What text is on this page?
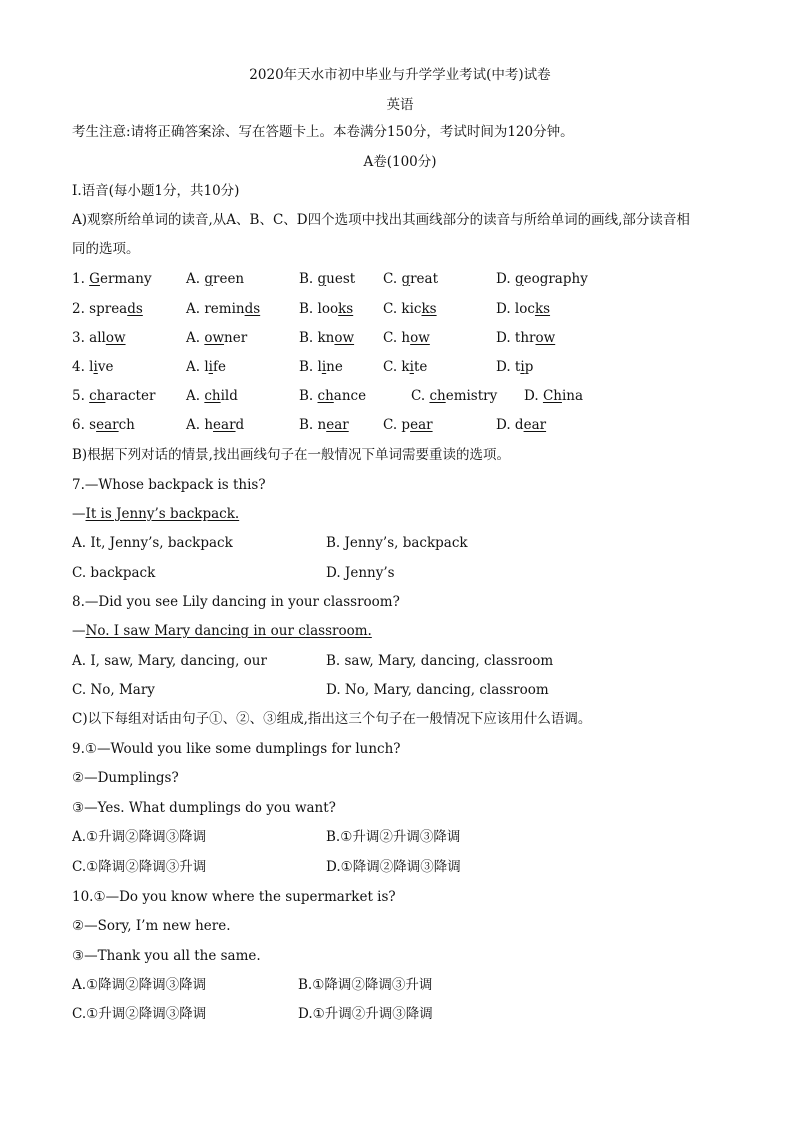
2020年天水市初中毕业与升学学业考试(中考)试卷
英语
考生注意:请将正确答案涂、写在答题卡上。本卷满分150分，考试时间为120分钟。
A卷(100分)
I.语音(每小题1分，共10分)
A)观察所给单词的读音,从A、B、C、D四个选项中找出其画线部分的读音与所给单词的画线,部分读音相
同的选项。
1. Germany	A. green	B. guest C. great	D. geography
2. spreads	A. reminds	B. looks C. kicks	D. locks
3. allow	A. owner	B. know C. how	D. throw
4. live	A. life	B. line	C. kite	D. tip
5. character A. child	B. chance	C. chemistry D. China
6. search	A. heard	B. near	C. pear	D. dear
B)根据下列对话的情景,找出画线句子在一般情况下单词需要重读的选项。
7.—Whose backpack is this?
—It is Jenny’s backpack.
A. It, Jenny’s, backpack	B. Jenny’s, backpack
C. backpack	D. Jenny’s
8.—Did you see Lily dancing in your classroom?
—No. I saw Mary dancing in our classroom.
A. I, saw, Mary, dancing, our	B. saw, Mary, dancing, classroom
C. No, Mary	D. No, Mary, dancing, classroom
C)以下每组对话由句子①、②、③组成,指出这三个句子在一般情况下应该用什么语调。
9.①—Would you like some dumplings for lunch?
②—Dumplings?
③—Yes. What dumplings do you want?
A.①升调②降调③降调	B.①升调②升调③降调
C.①降调②降调③升调	D.①降调②降调③降调
10.①—Do you know where the supermarket is?
②—Sory, I’m new here.
③—Thank you all the same.
A.①降调②降调③降调	B.①降调②降调③升调
C.①升调②降调③降调	D.①升调②升调③降调
